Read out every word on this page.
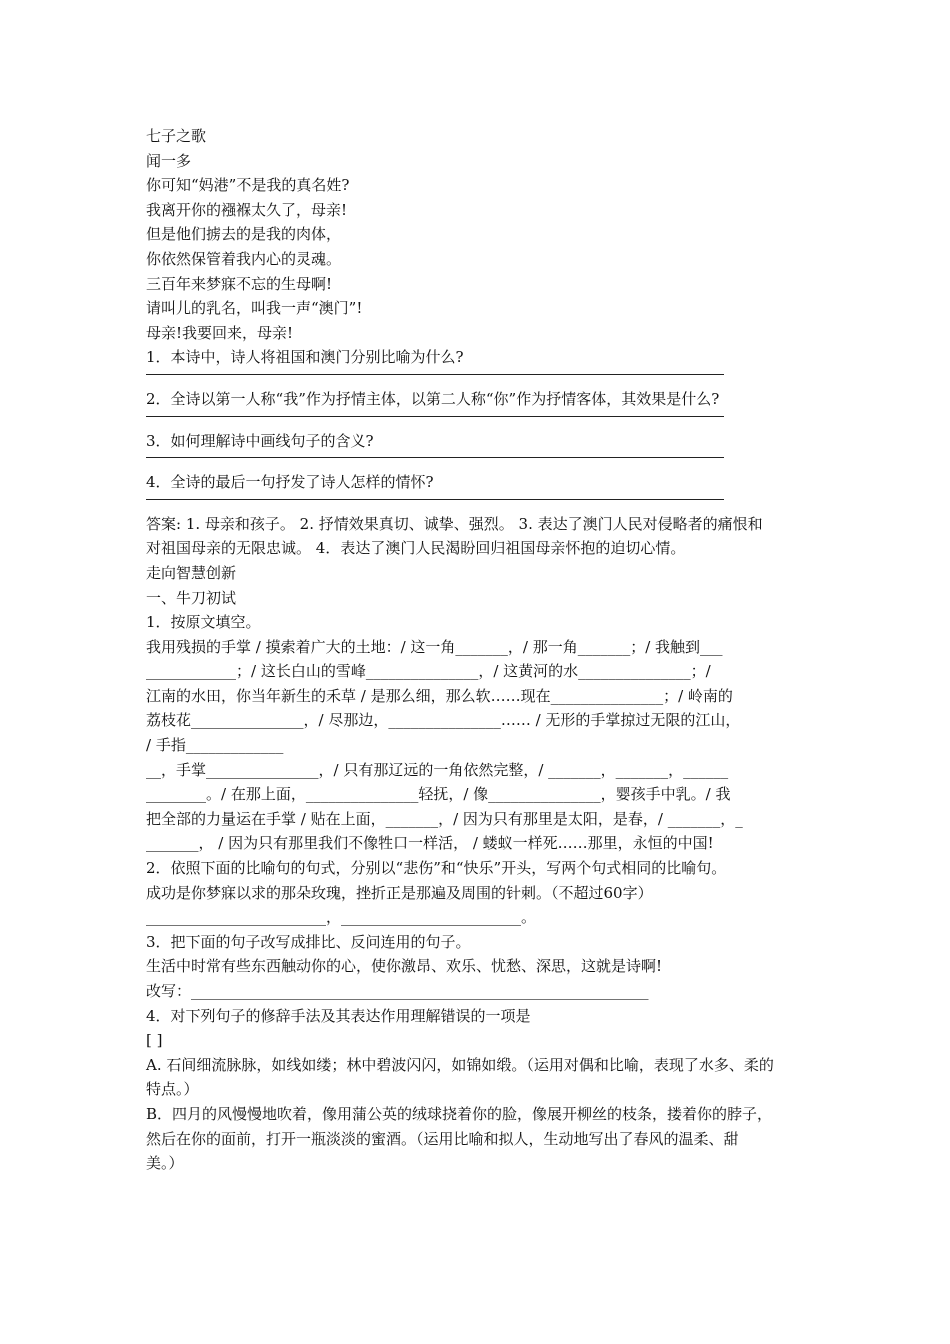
七子之歌
闻一多
你可知“妈港”不是我的真名姓?
我离开你的襁褓太久了，母亲!
但是他们掳去的是我的肉体，
你依然保管着我内心的灵魂。
三百年来梦寐不忘的生母啊!
请叫儿的乳名，叫我一声“澳门”!
母亲!我要回来，母亲!
1．本诗中，诗人将祖国和澳门分别比喻为什么?
2．全诗以第一人称“我”作为抒情主体，以第二人称“你”作为抒情客体，其效果是什么?
3．如何理解诗中画线句子的含义?
4．全诗的最后一句抒发了诗人怎样的情怀?
答案: 1. 母亲和孩子。 2. 抒情效果真切、诚挚、强烈。 3. 表达了澳门人民对侵略者的痛恨和
对祖国母亲的无限忠诚。 4．表达了澳门人民渴盼回归祖国母亲怀抱的迫切心情。
走向智慧创新
一、牛刀初试
1．按原文填空。
我用残损的手掌 / 摸索着广大的土地：/ 这一角_______，/ 那一角_______；/ 我触到___
____________；/ 这长白山的雪峰_______________，/ 这黄河的水_______________；/
江南的水田，你当年新生的禾草 / 是那么细，那么软……现在_______________；/ 岭南的
荔枝花_______________，/ 尽那边，_______________…… / 无形的手掌掠过无限的江山，
/ 手指_____________
__，手掌_______________，/ 只有那辽远的一角依然完整，/ _______，_______，______
________。/ 在那上面，_______________轻抚，/ 像_______________，婴孩手中乳。/ 我
把全部的力量运在手掌 / 贴在上面，_______，/ 因为只有那里是太阳，是春，/ _______，_
_______， / 因为只有那里我们不像牲口一样活， / 蝼蚁一样死……那里，永恒的中国!
2．依照下面的比喻句的句式，分别以“悲伤”和“快乐”开头，写两个句式相同的比喻句。
成功是你梦寐以求的那朵玫瑰，挫折正是那遍及周围的针刺。（不超过60字）
________________________，________________________。
3．把下面的句子改写成排比、反问连用的句子。
生活中时常有些东西触动你的心，使你激昂、欢乐、忧愁、深思，这就是诗啊!
改写：_____________________________________________________________
4．对下列句子的修辞手法及其表达作用理解错误的一项是
[ ]
A. 石间细流脉脉，如线如缕；林中碧波闪闪，如锦如缎。（运用对偶和比喻，表现了水多、柔的
特点。）
B．四月的风慢慢地吹着，像用蒲公英的绒球挠着你的脸，像展开柳丝的枝条，搂着你的脖子，
然后在你的面前，打开一瓶淡淡的蜜酒。（运用比喻和拟人，生动地写出了春风的温柔、甜
美。）
